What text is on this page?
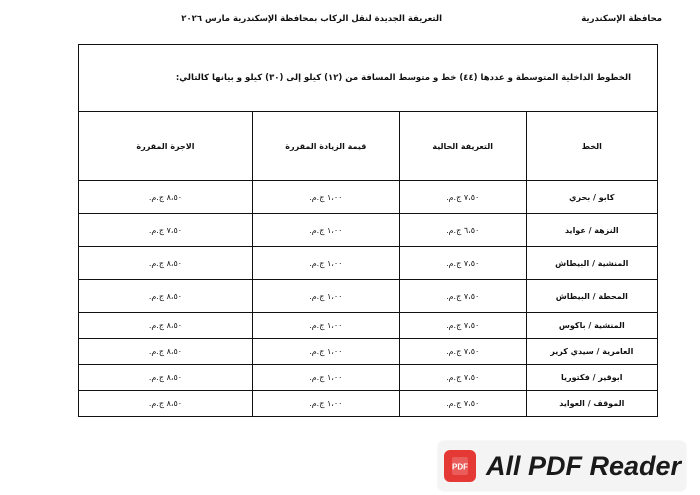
محافظة الإسكندرية
التعريفة الجديدة لنقل الركاب بمحافظة الإسكندرية مارس ٢٠٢٦
الخطوط الداخلية المتوسطة و عددها (٤٤) خط و متوسط المسافة من (١٢) كيلو إلى (٣٠) كيلو و بيانها كالتالي:			
الخط	التعريفة الحالية	قيمة الزيادة المقررة	الاجرة المقررة
كابو / بحري	٧،٥٠ ج.م.	١،٠٠ ج.م.	٨،٥٠ ج.م.
النزهة / عوايد	٦،٥٠ ج.م.	١،٠٠ ج.م.	٧،٥٠ ج.م.
المنشية / البيطاش	٧،٥٠ ج.م.	١،٠٠ ج.م.	٨،٥٠ ج.م.
المحطة / البيطاش	٧،٥٠ ج.م.	١،٠٠ ج.م.	٨،٥٠ ج.م.
المنشية / باكوس	٧،٥٠ ج.م.	١،٠٠ ج.م.	٨،٥٠ ج.م.
العامرية / سيدي كرير	٧،٥٠ ج.م.	١،٠٠ ج.م.	٨،٥٠ ج.م.
ابوقير / فكتوريا	٧،٥٠ ج.م.	١،٠٠ ج.م.	٨،٥٠ ج.م.
الموقف / العوايد	٧،٥٠ ج.م.	١،٠٠ ج.م.	٨،٥٠ ج.م.
PDF All PDF Reader
